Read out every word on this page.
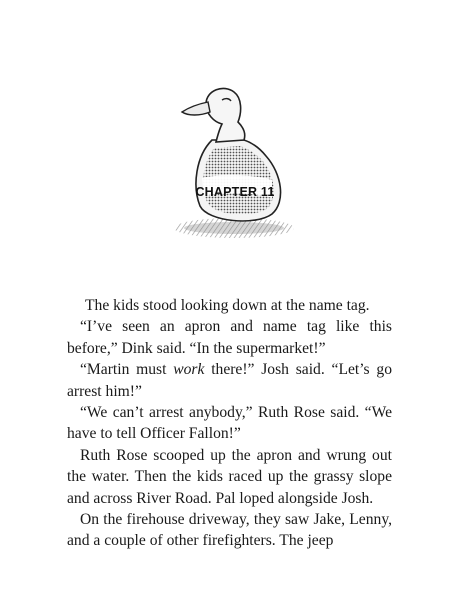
CHAPTER 11

The kids stood looking down at the name tag.

“I’ve seen an apron and name tag like this before,” Dink said. “In the supermarket!”

“Martin must work there!” Josh said. “Let’s go arrest him!”

“We can’t arrest anybody,” Ruth Rose said. “We have to tell Officer Fallon!”

Ruth Rose scooped up the apron and wrung out the water. Then the kids raced up the grassy slope and across River Road. Pal loped alongside Josh.

On the firehouse driveway, they saw Jake, Lenny, and a couple of other firefighters. The jeep
